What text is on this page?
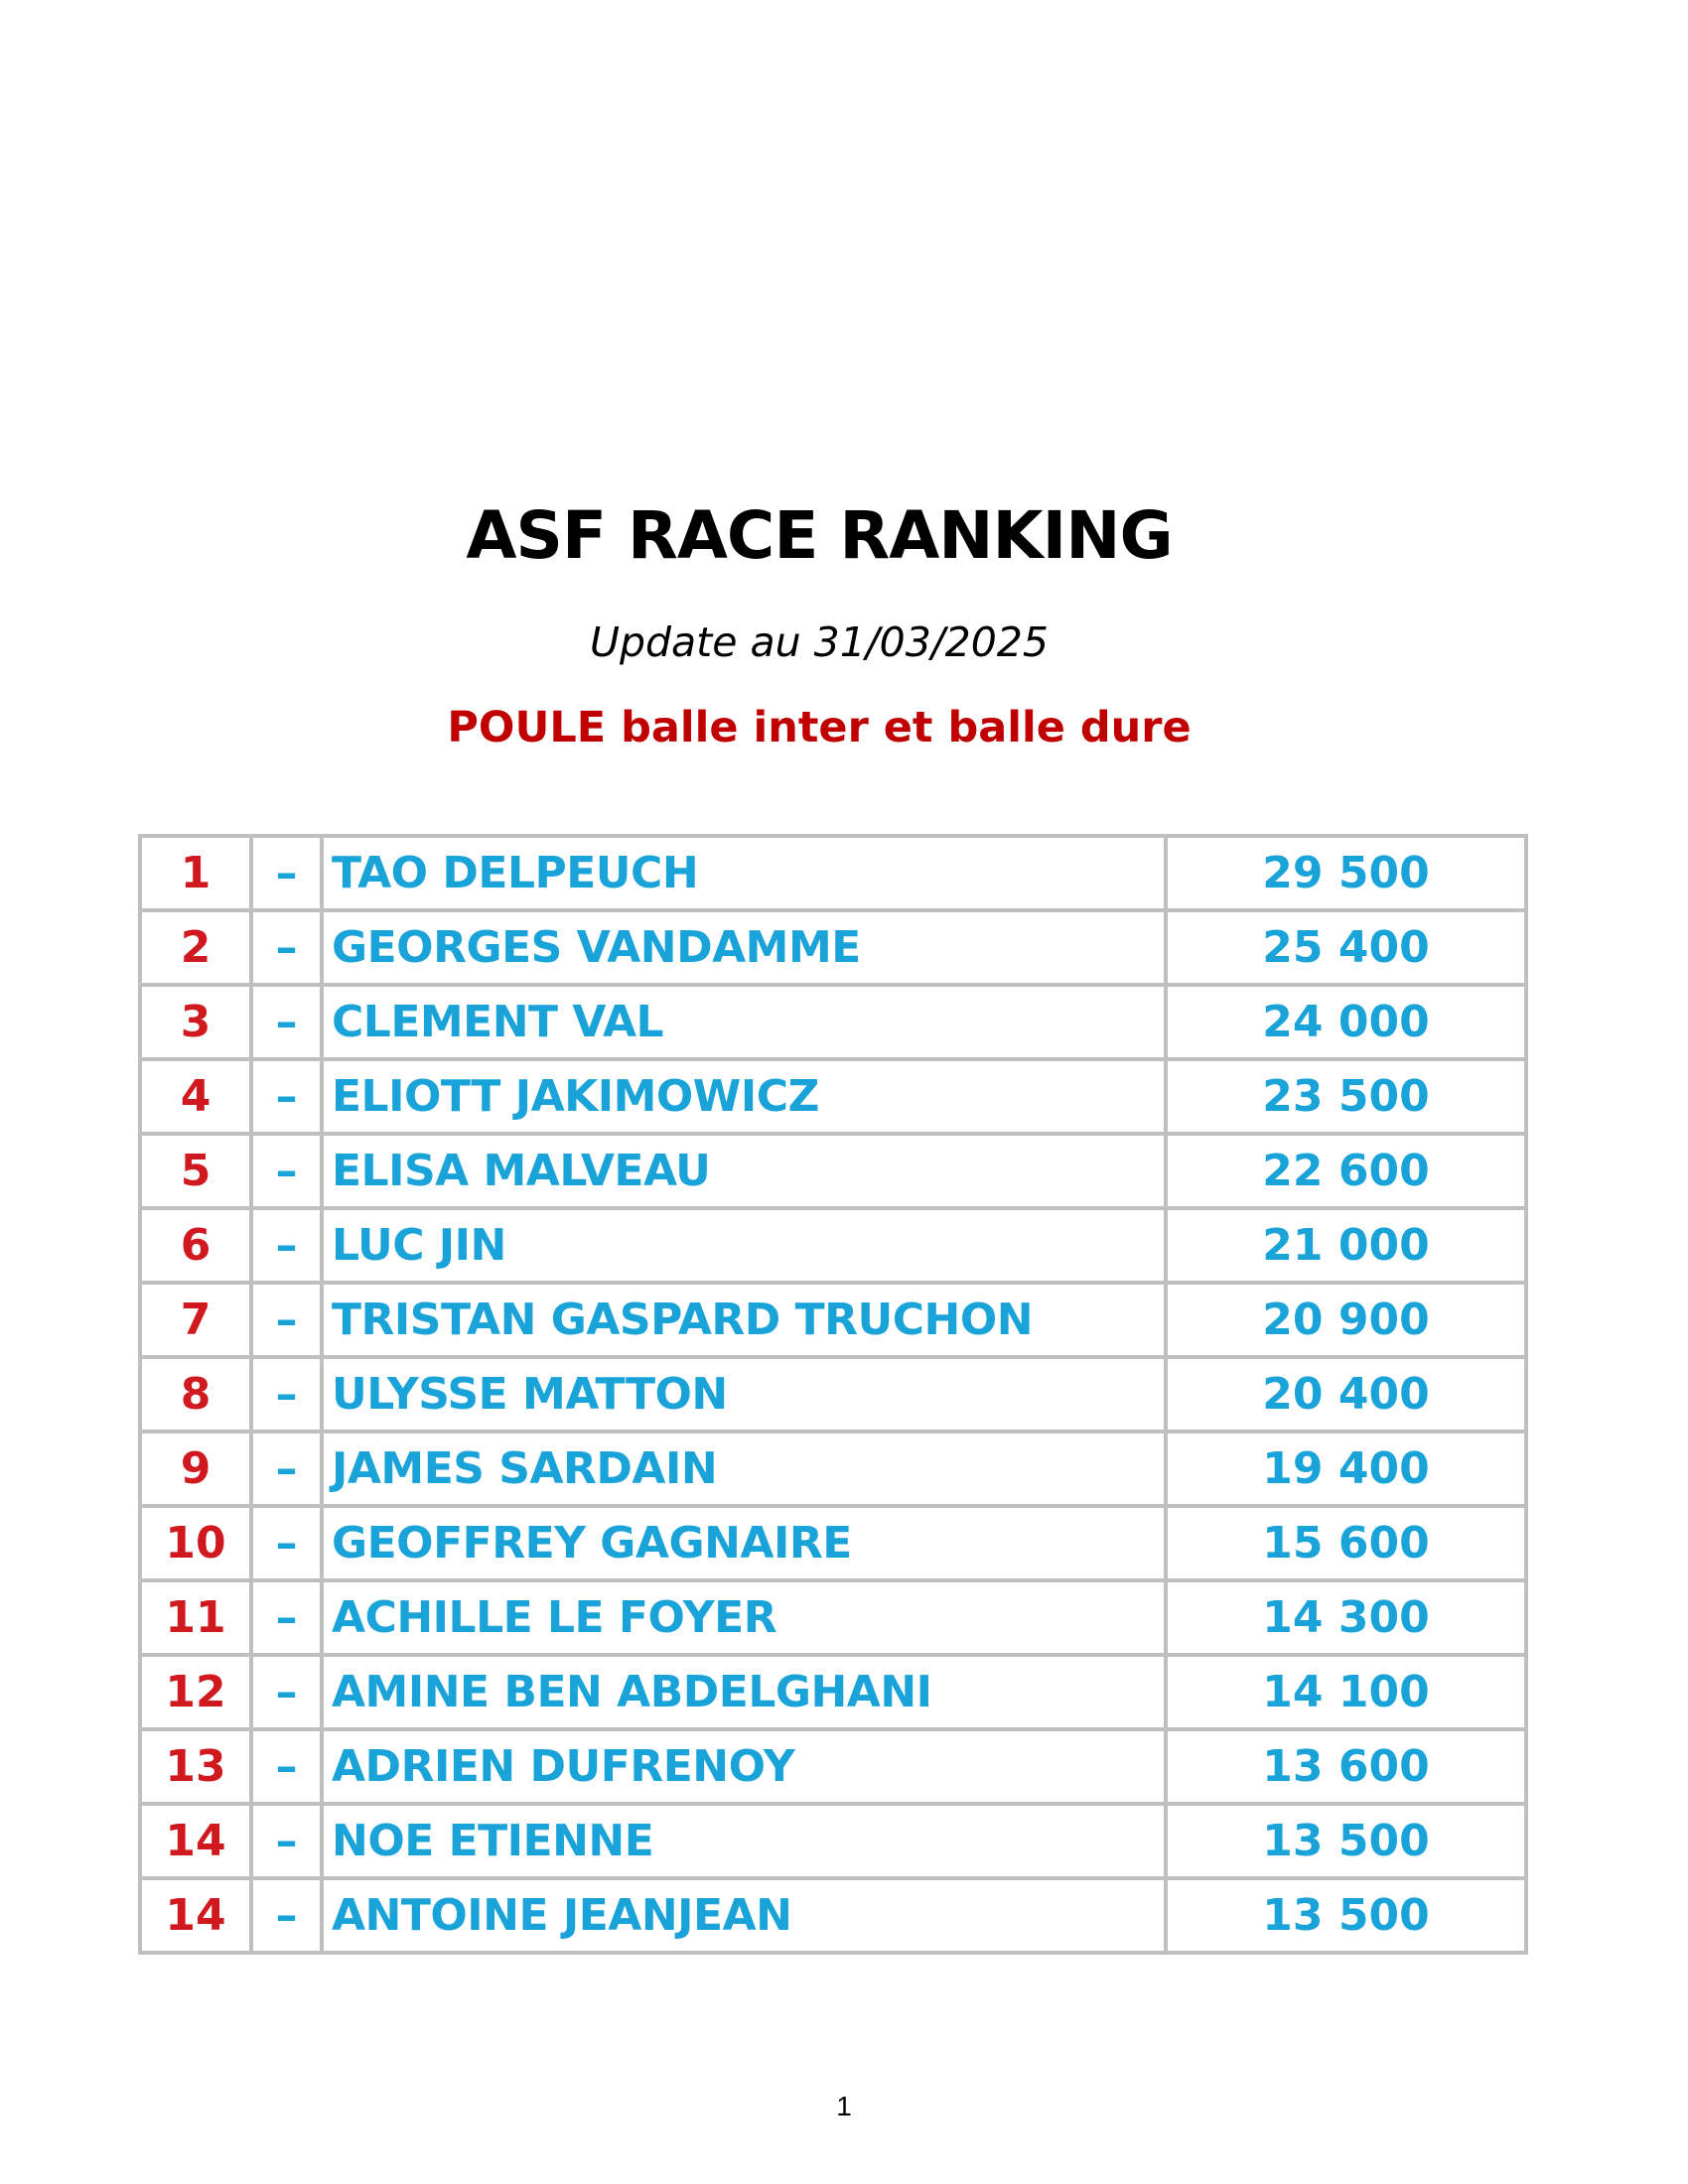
ASF RACE RANKING
Update au 31/03/2025
POULE balle inter et balle dure
1	–	TAO DELPEUCH	29 500
2	–	GEORGES VANDAMME	25 400
3	–	CLEMENT VAL	24 000
4	–	ELIOTT JAKIMOWICZ	23 500
5	–	ELISA MALVEAU	22 600
6	–	LUC JIN	21 000
7	–	TRISTAN GASPARD TRUCHON	20 900
8	–	ULYSSE MATTON	20 400
9	–	JAMES SARDAIN	19 400
10	–	GEOFFREY GAGNAIRE	15 600
11	–	ACHILLE LE FOYER	14 300
12	–	AMINE BEN ABDELGHANI	14 100
13	–	ADRIEN DUFRENOY	13 600
14	–	NOE ETIENNE	13 500
14	–	ANTOINE JEANJEAN	13 500
1
